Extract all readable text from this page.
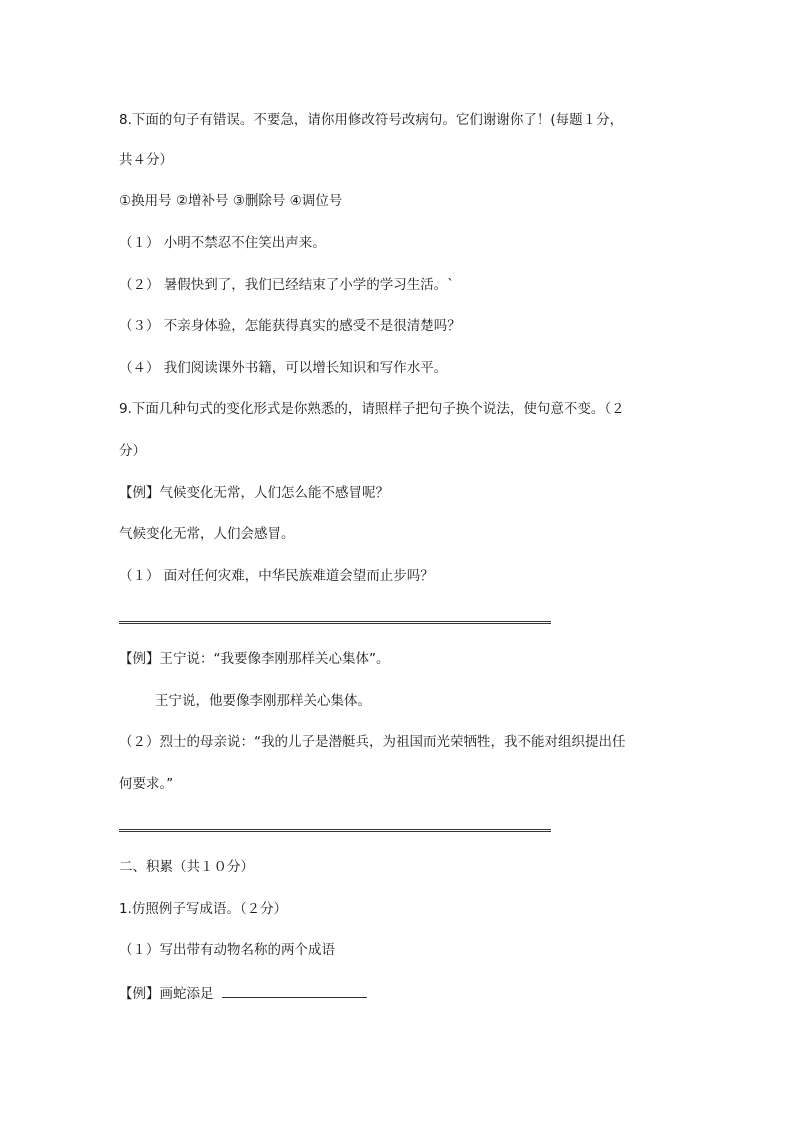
8.下面的句子有错误。不要急，请你用修改符号改病句。它们谢谢你了！(每题１分，
共４分）
①换用号 ②增补号 ③删除号 ④调位号
（１） 小明不禁忍不住笑出声来。
（２） 暑假快到了，我们已经结束了小学的学习生活。`
（３） 不亲身体验，怎能获得真实的感受不是很清楚吗？
（４） 我们阅读课外书籍，可以增长知识和写作水平。
9.下面几种句式的变化形式是你熟悉的，请照样子把句子换个说法，使句意不变。（２
分）
【例】气候变化无常，人们怎么能不感冒呢？
气候变化无常，人们会感冒。
（１） 面对任何灾难，中华民族难道会望而止步吗？
【例】王宁说：“我要像李刚那样关心集体”。
王宁说，他要像李刚那样关心集体。
（２）烈士的母亲说：“我的儿子是潜艇兵，为祖国而光荣牺牲，我不能对组织提出任
何要求。”
二、积累（共１０分）
1.仿照例子写成语。（２分）
（１）写出带有动物名称的两个成语
【例】画蛇添足
